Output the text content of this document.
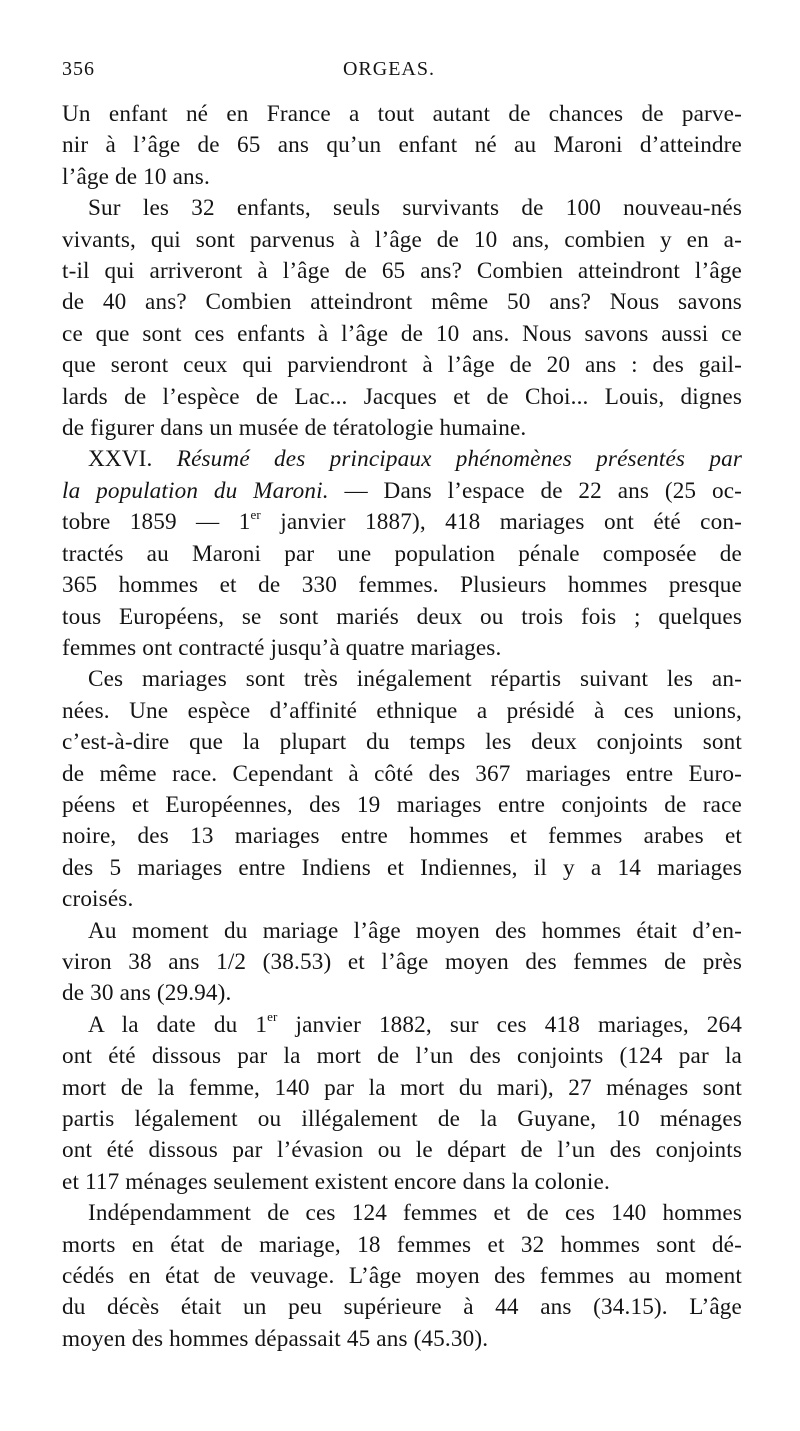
356	ORGEAS.
Un enfant né en France a tout autant de chances de parve-
nir à l’âge de 65 ans qu’un enfant né au Maroni d’atteindre
l’âge de 10 ans.
Sur les 32 enfants, seuls survivants de 100 nouveau-nés
vivants, qui sont parvenus à l’âge de 10 ans, combien y en a-
t-il qui arriveront à l’âge de 65 ans? Combien atteindront l’âge
de 40 ans? Combien atteindront même 50 ans? Nous savons
ce que sont ces enfants à l’âge de 10 ans. Nous savons aussi ce
que seront ceux qui parviendront à l’âge de 20 ans : des gail-
lards de l’espèce de Lac... Jacques et de Choi... Louis, dignes
de figurer dans un musée de tératologie humaine.
XXVI. Résumé des principaux phénomènes présentés par
la population du Maroni. — Dans l’espace de 22 ans (25 oc-
tobre 1859 — 1er janvier 1887), 418 mariages ont été con-
tractés au Maroni par une population pénale composée de
365 hommes et de 330 femmes. Plusieurs hommes presque
tous Européens, se sont mariés deux ou trois fois ; quelques
femmes ont contracté jusqu’à quatre mariages.
Ces mariages sont très inégalement répartis suivant les an-
nées. Une espèce d’affinité ethnique a présidé à ces unions,
c’est-à-dire que la plupart du temps les deux conjoints sont
de même race. Cependant à côté des 367 mariages entre Euro-
péens et Européennes, des 19 mariages entre conjoints de race
noire, des 13 mariages entre hommes et femmes arabes et
des 5 mariages entre Indiens et Indiennes, il y a 14 mariages
croisés.
Au moment du mariage l’âge moyen des hommes était d’en-
viron 38 ans 1/2 (38.53) et l’âge moyen des femmes de près
de 30 ans (29.94).
A la date du 1er janvier 1882, sur ces 418 mariages, 264
ont été dissous par la mort de l’un des conjoints (124 par la
mort de la femme, 140 par la mort du mari), 27 ménages sont
partis légalement ou illégalement de la Guyane, 10 ménages
ont été dissous par l’évasion ou le départ de l’un des conjoints
et 117 ménages seulement existent encore dans la colonie.
Indépendamment de ces 124 femmes et de ces 140 hommes
morts en état de mariage, 18 femmes et 32 hommes sont dé-
cédés en état de veuvage. L’âge moyen des femmes au moment
du décès était un peu supérieure à 44 ans (34.15). L’âge
moyen des hommes dépassait 45 ans (45.30).
